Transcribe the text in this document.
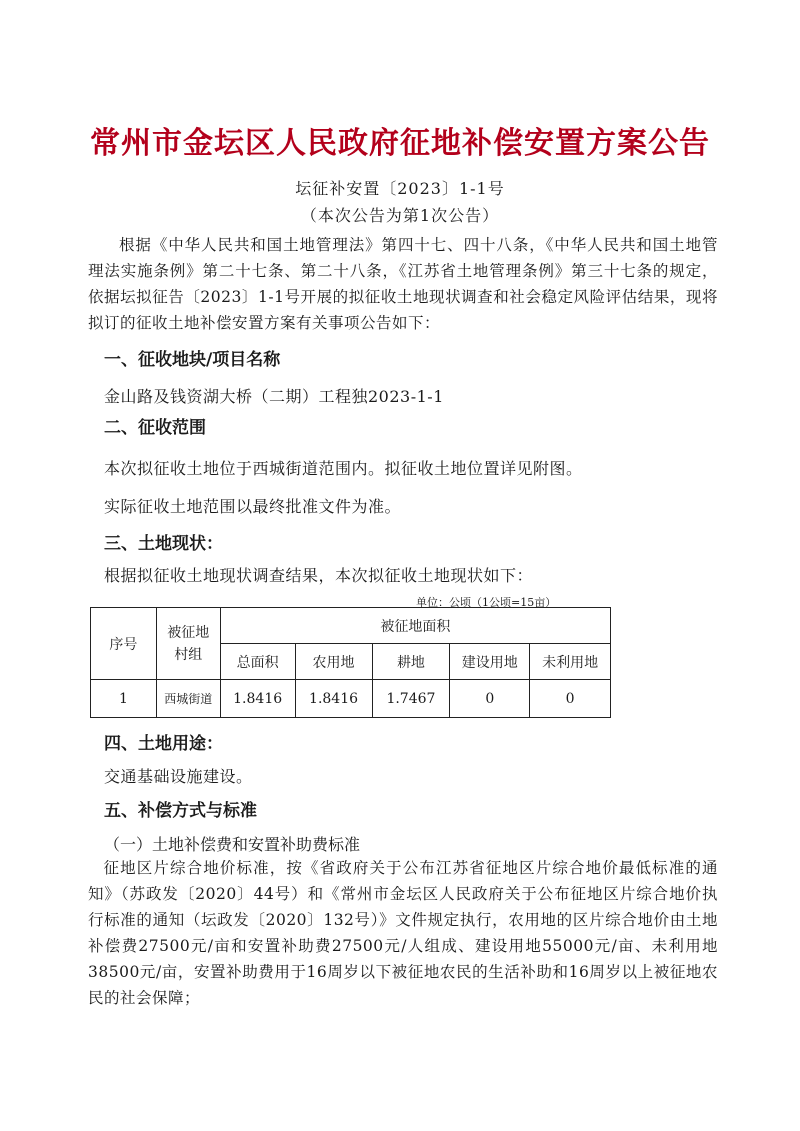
常州市金坛区人民政府征地补偿安置方案公告
坛征补安置〔2023〕1-1号
（本次公告为第1次公告）

根据《中华人民共和国土地管理法》第四十七、四十八条，《中华人民共和国土地管理法实施条例》第二十七条、第二十八条，《江苏省土地管理条例》第三十七条的规定，依据坛拟征告〔2023〕1-1号开展的拟征收土地现状调查和社会稳定风险评估结果，现将拟订的征收土地补偿安置方案有关事项公告如下：

一、征收地块/项目名称
金山路及钱资湖大桥（二期）工程独2023-1-1
二、征收范围
本次拟征收土地位于西城街道范围内。拟征收土地位置详见附图。
实际征收土地范围以最终批准文件为准。
三、土地现状：
根据拟征收土地现状调查结果，本次拟征收土地现状如下：
单位：公顷（1公顷=15亩）
序号	被征地村组	被征地面积				
		总面积	农用地	耕地	建设用地	未利用地
1	西城街道	1.8416	1.8416	1.7467	0	0
四、土地用途：
交通基础设施建设。
五、补偿方式与标准
（一）土地补偿费和安置补助费标准

征地区片综合地价标准，按《省政府关于公布江苏省征地区片综合地价最低标准的通知》（苏政发〔2020〕44号）和《常州市金坛区人民政府关于公布征地区片综合地价执行标准的通知（坛政发〔2020〕132号）》文件规定执行，农用地的区片综合地价由土地补偿费27500元/亩和安置补助费27500元/人组成、建设用地55000元/亩、未利用地38500元/亩，安置补助费用于16周岁以下被征地农民的生活补助和16周岁以上被征地农民的社会保障；
